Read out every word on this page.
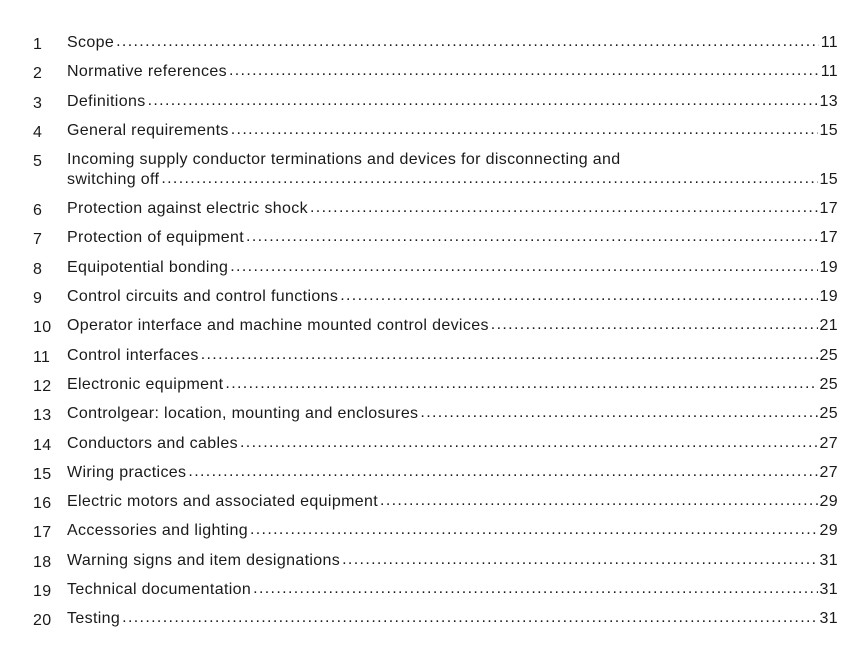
1	Scope .....	11
2	Normative references .....	11
3	Definitions .....	13
4	General requirements .....	15
5	Incoming supply conductor terminations and devices for disconnecting and
switching off .....	15
6	Protection against electric shock .....	17
7	Protection of equipment .....	17
8	Equipotential bonding .....	19
9	Control circuits and control functions .....	19
10 Operator interface and machine mounted control devices .....	21
11	Control interfaces .....	25
12 Electronic equipment .....	25
13 Controlgear: location, mounting and enclosures .....	25
14 Conductors and cables .....	27
15 Wiring practices .....	27
16 Electric motors and associated equipment .....	29
17 Accessories and lighting .....	29
18 Warning signs and item designations .....	31
19 Technical documentation .....	31
20 Testing .....	31
